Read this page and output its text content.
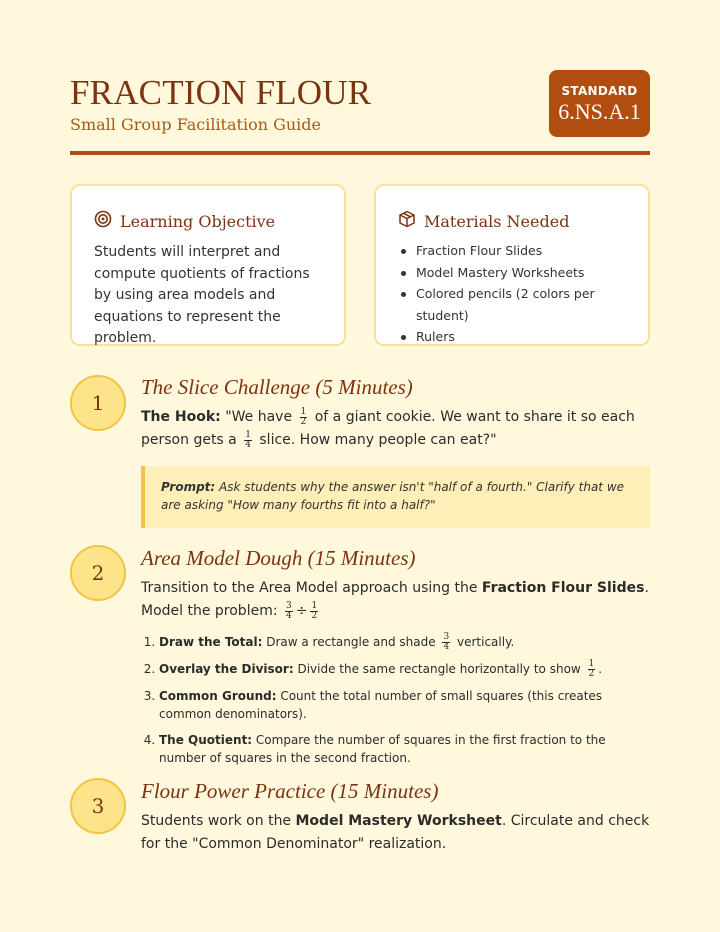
FRACTION FLOUR
Small Group Facilitation Guide
STANDARD
6.NS.A.1
Learning Objective
Students will interpret and compute quotients of fractions by using area models and equations to represent the problem.
Materials Needed
Fraction Flour Slides
Model Mastery Worksheets
Colored pencils (2 colors per student)
Rulers
1
The Slice Challenge (5 Minutes)
The Hook: "We have $\frac{1}{2}$ of a giant cookie. We want to share it so each person gets a $\frac{1}{4}$ slice. How many people can eat?"
Prompt: Ask students why the answer isn't "half of a fourth." Clarify that we are asking "How many fourths fit into a half?"
2
Area Model Dough (15 Minutes)
Transition to the Area Model approach using the Fraction Flour Slides. Model the problem: $\frac{3}{4} \div \frac{1}{2}$
1. Draw the Total: Draw a rectangle and shade $\frac{3}{4}$ vertically.
2. Overlay the Divisor: Divide the same rectangle horizontally to show $\frac{1}{2}$ .
3. Common Ground: Count the total number of small squares (this creates common denominators).
4. The Quotient: Compare the number of squares in the first fraction to the number of squares in the second fraction.
3
Flour Power Practice (15 Minutes)
Students work on the Model Mastery Worksheet. Circulate and check for the "Common Denominator" realization.
